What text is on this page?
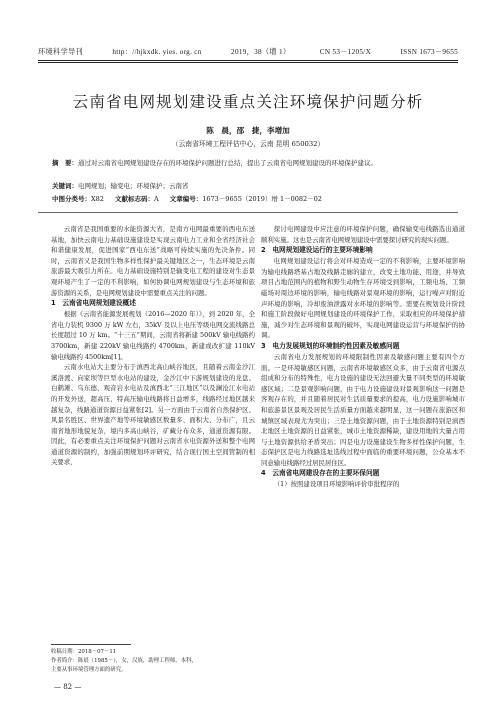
环境科学导刊	http：//hjkxdk. yies. org. cn	2019，38（增 1）	CN 53－1205/X	ISSN 1673－9655
云南省电网规划建设重点关注环境保护问题分析
陈　晨，邵　捷，李增加
（云南省环境工程评估中心，云南 昆明 650032）
摘　要：通过对云南省电网规划建设存在的环境保护问题进行总结，提出了云南省电网规划建设的环境保护建议。
关键词：电网规划；输变电；环境保护；云南省
中图分类号：X82 文献标志码：A 文章编号：1673－9655（2019）增 1－0082－02

云南省是我国重要的水能资源大省，是南方电网最重要的西电东送基地，加快云南电力基础设施建设是实现云南电力工业和全省经济社会和谐健康发展，促进国家“西电东送”战略可持续实施的先决条件。同时，云南省又是我国生物多样性保护最关键地区之一，生态环境是云南旅游最大吸引力所在。电力基础设施特别是输变电工程的建设对生态景观环境产生了一定的不利影响，如何协调电网规划建设与生态环境和旅游资源的关系，是电网规划建设中需要重点关注的问题。

1　云南省电网规划建设概述

根据《云南省能源发展规划（2016—2020 年）》，到 2020 年，全省电力装机 9300 万 kW 左右，35kV 及以上电压等级电网交流线路总长度超过 10 万 km。“十三五”期间，云南省将新建 500kV 输电线路约 3700km，新建 220kV 输电线路约 4700km，新建或改扩建 110kV 输电线路约 4500km[1]。

云南水电站大主要分布于滇西北高山峡谷地区，且随着云南金沙江溪洛渡、向家坝等巨型水电站的建设，金沙江中下游规划建设的龙盘、白鹤滩、乌东德、观音岩水电站及滇西北“三江地区”以及澜沧江水电站的开发外送，超高压、特高压输电线路将日益增多，线路经过地区越来越复杂，线路通道资源日益紧张[2]。另一方面由于云南省自然保护区、风景名胜区、世界遗产地等环境敏感区数量多、面积大、分布广，且云南省地形地貌复杂，境内多高山峡谷，矿藏分布众多，通道资源有限。因此，有必要重点关注环境保护问题对云南省水电资源外送和整个电网通道资源的制约，加强前期规划环评研究，结合现行国土空间管制的相关要求，

探讨电网建设中应注意的环境保护问题，确保输变电线路选出通道顺利实施。这也是云南省电网规划建设中需要探讨研究的现实问题。

2　电网规划建设运行的主要环境影响

电网规划建设运行将会对环境造成一定的不利影响，主要环境影响为输电线路塔基占地及线路走廊的建立，改变土地功能、用途，并导致项目占地范围内的植物和野生动物生存环境受到影响，工频电场、工频磁场对周边环境的影响，输电线路对景观环境的影响，运行噪声对附近声环境的影响，冷却废油泄露对水环境的影响等。需要在规划设计阶段和施工阶段做好电网规划建设的环境保护工作，采取相应的环境保护措施，减少对生态环境和景观的破坏，实现电网建设运营与环境保护的协调。

3　电力发展规划的环境制约性因素及敏感问题

云南省电力发展规划的环境限制性因素及敏感问题主要有四个方面。一是环境敏感区问题，云南省环境敏感区众多，由于云南省电源点组成和分布的特殊性，电力设施的建设无法回避大量不同类型的环境敏感区域；二是景观影响问题，由于电力设施建设对景观影响这一问题是客观存在的，并且随着居民对生活质量要求的提高，电力设施影响城市和旅游景区景观及居民生活质量方面越来越明显，这一问题在旅游区和城镇区域表现尤为突出；三是土地资源问题，由于土地资源特别是滇西北地区土地资源的日益紧张，城市土地资源稀缺，建设用地的大量占用与土地资源供给矛盾突出；四是电力设施建设生物多样性保护问题，生态保护区是电力线路选址选线过程中面临的重要环境问题，公众基本不同意输电线路经过居民居住区。

4　云南省电网建设存在的主要环保问题

（1）按照建设项目环境影响评价审批程序的

收稿日期：2018－07－11
作者简介：陈晨（1985－），女，汉族，助理工程师，本科，
主要从事环境管理方面的研究。
— 82 —
